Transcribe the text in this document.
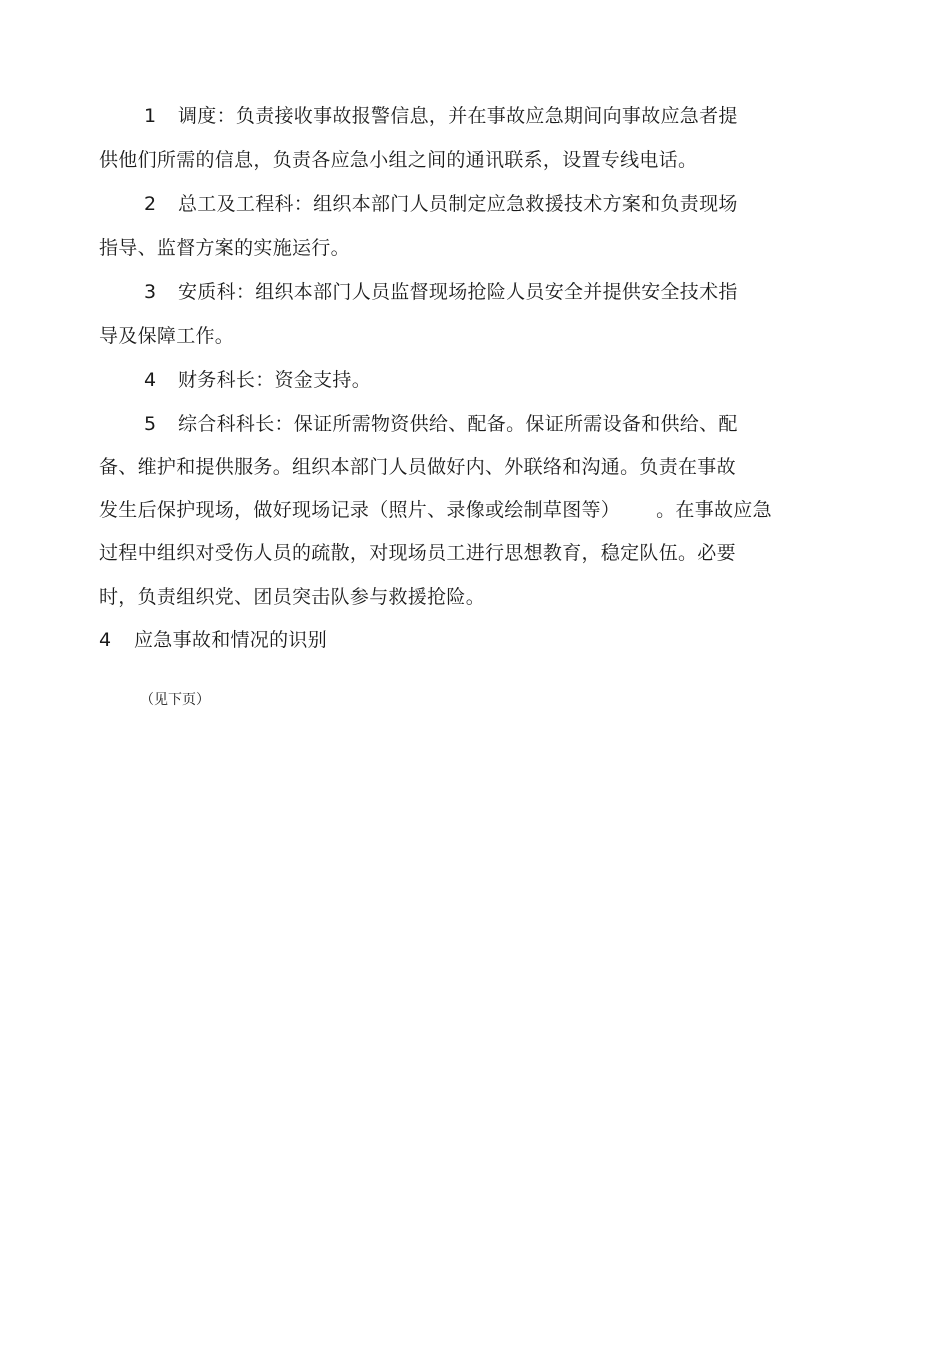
1 调度：负责接收事故报警信息，并在事故应急期间向事故应急者提
供他们所需的信息，负责各应急小组之间的通讯联系，设置专线电话。
2 总工及工程科：组织本部门人员制定应急救援技术方案和负责现场
指导、监督方案的实施运行。
3 安质科：组织本部门人员监督现场抢险人员安全并提供安全技术指
导及保障工作。
4 财务科长：资金支持。
5 综合科科长：保证所需物资供给、配备。保证所需设备和供给、配
备、维护和提供服务。组织本部门人员做好内、外联络和沟通。负责在事故
发生后保护现场，做好现场记录（照片、录像或绘制草图等） 。在事故应急
过程中组织对受伤人员的疏散，对现场员工进行思想教育，稳定队伍。必要
时，负责组织党、团员突击队参与救援抢险。
4 应急事故和情况的识别
（见下页）
